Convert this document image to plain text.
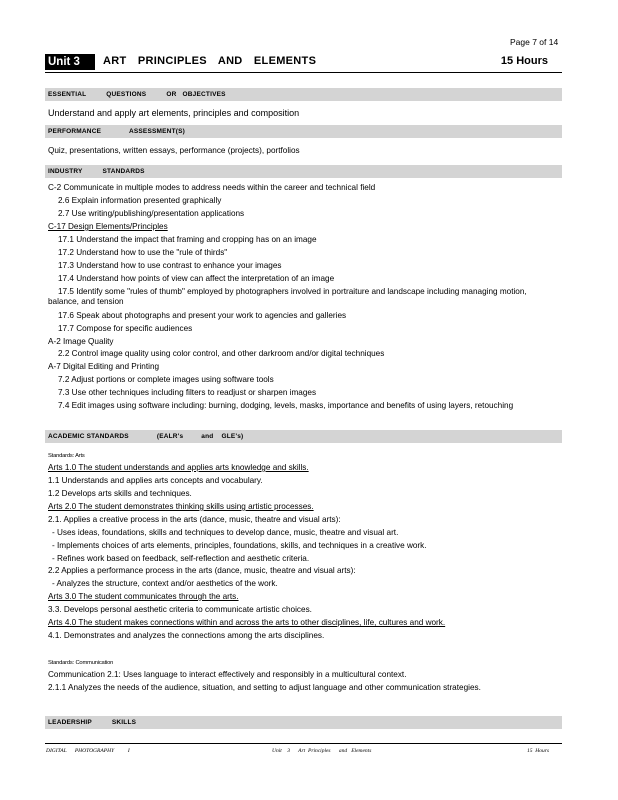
Page 7 of 14
Unit 3	ART PRINCIPLES AND ELEMENTS	15 Hours
ESSENTIAL          QUESTIONS          OR   OBJECTIVES
Understand and apply art elements, principles and composition
PERFORMANCE              ASSESSMENT(S)
Quiz, presentations, written essays, performance (projects), portfolios
INDUSTRY          STANDARDS
C-2 Communicate in multiple modes to address needs within the career and technical field
2.6 Explain information presented graphically
2.7 Use writing/publishing/presentation applications
C-17 Design Elements/Principles
17.1 Understand the impact that framing and cropping has on an image
17.2 Understand how to use the "rule of thirds"
17.3 Understand how to use contrast to enhance your images
17.4 Understand how points of view can affect the interpretation of an image
17.5 Identify some "rules of thumb" employed by photographers involved in portraiture and landscape including managing motion, balance, and tension
17.6 Speak about photographs and present your work to agencies and galleries
17.7 Compose for specific audiences
A-2 Image Quality
2.2 Control image quality using color control, and other darkroom and/or digital techniques
A-7 Digital Editing and Printing
7.2 Adjust portions or complete images using software tools
7.3 Use other techniques including filters to readjust or sharpen images
7.4 Edit images using software including: burning, dodging, levels, masks, importance and benefits of using layers, retouching
ACADEMIC STANDARDS              (EALR's         and    GLE's)
Standards: Arts
Arts 1.0 The student understands and applies arts knowledge and skills.
1.1 Understands and applies arts concepts and vocabulary.
1.2 Develops arts skills and techniques.
Arts 2.0 The student demonstrates thinking skills using artistic processes.
2.1. Applies a creative process in the arts (dance, music, theatre and visual arts):
- Uses ideas, foundations, skills and techniques to develop dance, music, theatre and visual art.
- Implements choices of arts elements, principles, foundations, skills, and techniques in a creative work.
- Refines work based on feedback, self-reflection and aesthetic criteria.
2.2 Applies a performance process in the arts (dance, music, theatre and visual arts):
- Analyzes the structure, context and/or aesthetics of the work.
Arts 3.0 The student communicates through the arts.
3.3. Develops personal aesthetic criteria to communicate artistic choices.
Arts 4.0 The student makes connections within and across the arts to other disciplines, life, cultures and work.
4.1. Demonstrates and analyzes the connections among the arts disciplines.
Standards: Communication
Communication 2.1: Uses language to interact effectively and responsibly in a multicultural context.
2.1.1 Analyzes the needs of the audience, situation, and setting to adjust language and other communication strategies.
LEADERSHIP          SKILLS
DIGITAL      PHOTOGRAPHY          I	Unit    3      Art  Principles      and   Elements	15  Hours
